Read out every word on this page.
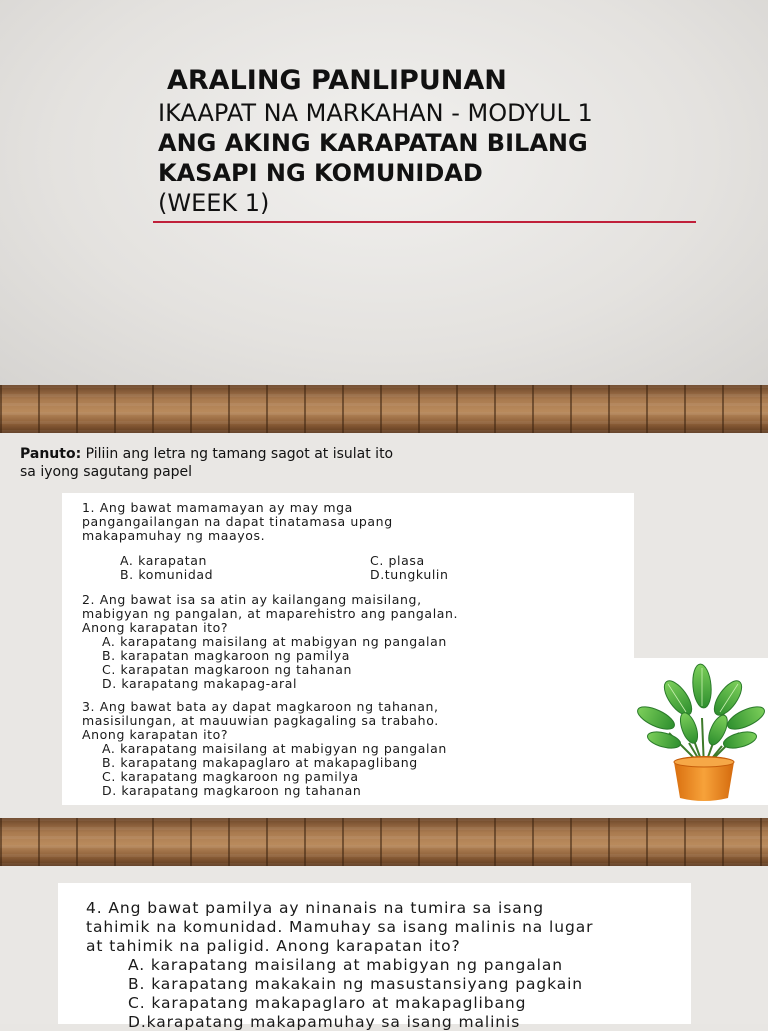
ARALING PANLIPUNAN
IKAAPAT NA MARKAHAN - MODYUL 1
ANG AKING KARAPATAN BILANG
KASAPI NG KOMUNIDAD
(WEEK 1)
Panuto: Piliin ang letra ng tamang sagot at isulat ito sa iyong sagutang papel
1. Ang bawat mamamayan ay may mga
pangangailangan na dapat tinatamasa upang
makapamuhay ng maayos.
A. karapatan
B. komunidad
C. plasa
D.tungkulin
2. Ang bawat isa sa atin ay kailangang maisilang,
mabigyan ng pangalan, at maparehistro ang pangalan.
Anong karapatan ito?
A. karapatang maisilang at mabigyan ng pangalan
B. karapatan magkaroon ng pamilya
C. karapatan magkaroon ng tahanan
D. karapatang makapag-aral
3. Ang bawat bata ay dapat magkaroon ng tahanan,
masisilungan, at mauuwian pagkagaling sa trabaho.
Anong karapatan ito?
A. karapatang maisilang at mabigyan ng pangalan
B. karapatang makapaglaro at makapaglibang
C. karapatang magkaroon ng pamilya
D. karapatang magkaroon ng tahanan
4. Ang bawat pamilya ay ninanais na tumira sa isang
tahimik na komunidad. Mamuhay sa isang malinis na lugar
at tahimik na paligid. Anong karapatan ito?
A. karapatang maisilang at mabigyan ng pangalan
B. karapatang makakain ng masustansiyang pagkain
C. karapatang makapaglaro at makapaglibang
D.karapatang makapamuhay sa isang malinis
